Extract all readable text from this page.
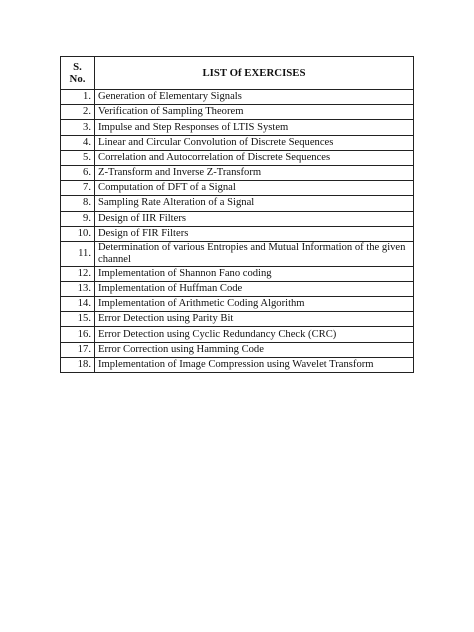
S.
No.	LIST Of EXERCISES
1.	Generation of Elementary Signals
2.	Verification of Sampling Theorem
3.	Impulse and Step Responses of LTIS System
4.	Linear and Circular Convolution of Discrete Sequences
5.	Correlation and Autocorrelation of Discrete Sequences
6.	Z-Transform and Inverse Z-Transform
7.	Computation of DFT of a Signal
8.	Sampling Rate Alteration of a Signal
9.	Design of IIR Filters
10.	Design of FIR Filters
11.	Determination of various Entropies and Mutual Information of the given channel
12.	Implementation of Shannon Fano coding
13.	Implementation of Huffman Code
14.	Implementation of Arithmetic Coding Algorithm
15.	Error Detection using Parity Bit
16.	Error Detection using Cyclic Redundancy Check (CRC)
17.	Error Correction using Hamming Code
18.	Implementation of Image Compression using Wavelet Transform
